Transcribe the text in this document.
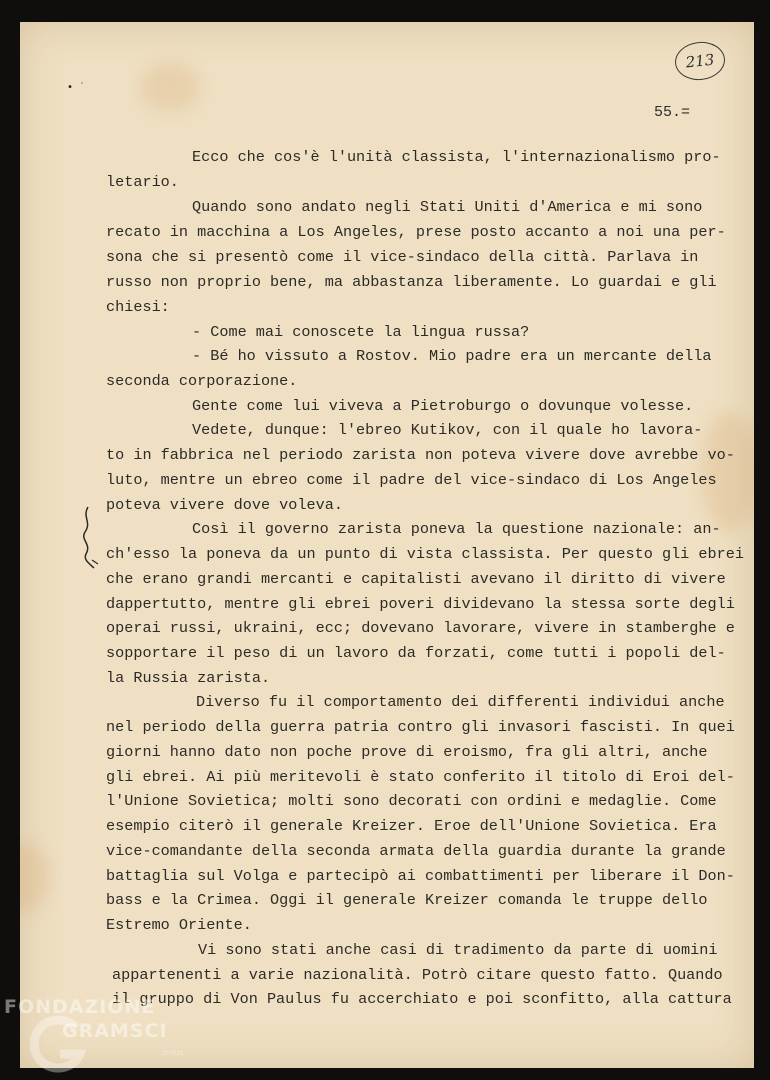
213
• ˙
55.=

Ecco che cos'è l'unità classista, l'internazionalismo pro-

letario.

Quando sono andato negli Stati Uniti d'America e mi sono

recato in macchina a Los Angeles, prese posto accanto a noi una per-

sona che si presentò come il vice-sindaco della città. Parlava in

russo non proprio bene, ma abbastanza liberamente. Lo guardai e gli

chiesi:

- Come mai conoscete la lingua russa?

- Bé ho vissuto a Rostov. Mio padre era un mercante della

seconda corporazione.

Gente come lui viveva a Pietroburgo o dovunque volesse.

Vedete, dunque: l'ebreo Kutikov, con il quale ho lavora-

to in fabbrica nel periodo zarista non poteva vivere dove avrebbe vo-

luto, mentre un ebreo come il padre del vice-sindaco di Los Angeles

poteva vivere dove voleva.

Così il governo zarista poneva la questione nazionale: an-

ch'esso la poneva da un punto di vista classista. Per questo gli ebrei

che erano grandi mercanti e capitalisti avevano il diritto di vivere

dappertutto, mentre gli ebrei poveri dividevano la stessa sorte degli

operai russi, ukraini, ecc; dovevano lavorare, vivere in stamberghe e

sopportare il peso di un lavoro da forzati, come tutti i popoli del-

la Russia zarista.

Diverso fu il comportamento dei differenti individui anche

nel periodo della guerra patria contro gli invasori fascisti. In quei

giorni hanno dato non poche prove di eroismo, fra gli altri, anche

gli ebrei. Ai più meritevoli è stato conferito il titolo di Eroi del-

l'Unione Sovietica; molti sono decorati con ordini e medaglie. Come

esempio citerò il generale Kreizer. Eroe dell'Unione Sovietica. Era

vice-comandante della seconda armata della guardia durante la grande

battaglia sul Volga e partecipò ai combattimenti per liberare il Don-

bass e la Crimea. Oggi il generale Kreizer comanda le truppe dello

Estremo Oriente.

Vi sono stati anche casi di tradimento da parte di uomini

appartenenti a varie nazionalità. Potrò citare questo fatto. Quando

il gruppo di Von Paulus fu accerchiato e poi sconfitto, alla cattura

FONDAZIONE
GRAMSCI
onlus
